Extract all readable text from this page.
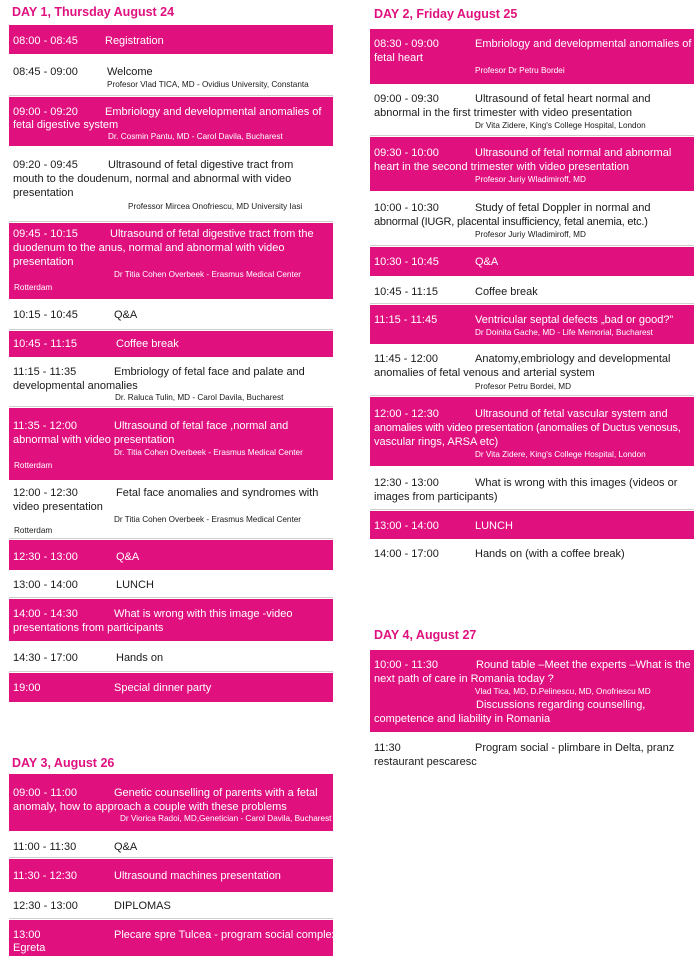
DAY 1, Thursday August 24
08:00 - 08:45 Registration
08:45 - 09:00	Welcome
Profesor Vlad TICA, MD - Ovidius University, Constanta
09:00 - 09:20 Embriology and developmental anomalies of
fetal digestive system
Dr. Cosmin Pantu, MD - Carol Davila, Bucharest
09:20 - 09:45	Ultrasound of fetal digestive tract from
mouth to the doudenum, normal and abnormal with video
presentation
Professor Mircea Onofriescu, MD University Iasi
09:45 - 10:15	Ultrasound of fetal digestive tract from the
duodenum to the anus, normal and abnormal with video
presentation
Dr Titia Cohen Overbeek - Erasmus Medical Center
Rotterdam
10:15 - 10:45	Q&A
10:45 - 11:15	Coffee break
11:15 - 11:35	Embriology of fetal face and palate and
developmental anomalies
Dr. Raluca Tulin, MD - Carol Davila, Bucharest
11:35 - 12:00	Ultrasound of fetal face ,normal and
abnormal with video presentation
Dr. Titia Cohen Overbeek - Erasmus Medical Center
Rotterdam
12:00 - 12:30	Fetal face anomalies and syndromes with
video presentation
Dr Titia Cohen Overbeek - Erasmus Medical Center
Rotterdam
12:30 - 13:00	Q&A
13:00 - 14:00	LUNCH
14:00 - 14:30	What is wrong with this image -video
presentations from participants
14:30 - 17:00	Hands on
19:00	Special dinner party
DAY 3, August 26
09:00 - 11:00	Genetic counselling of parents with a fetal
anomaly, how to approach a couple with these problems
Dr Viorica Radoi, MD,Genetician - Carol Davila, Bucharest
11:00 - 11:30	Q&A
11:30 - 12:30	Ultrasound machines presentation
12:30 - 13:00	DIPLOMAS
13:00	Plecare spre Tulcea - program social complex
Egreta
DAY 2, Friday August 25
08:30 - 09:00	Embriology and developmental anomalies of
fetal heart
Profesor Dr Petru Bordei
09:00 - 09:30	Ultrasound of fetal heart normal and
abnormal in the first trimester with video presentation
Dr Vita Zidere, King's College Hospital, London
09:30 - 10:00	Ultrasound of fetal normal and abnormal
heart in the second trimester with video presentation
Profesor Juriy Wladimiroff, MD
10:00 - 10:30	Study of fetal Doppler in normal and
abnormal (IUGR, placental insufficiency, fetal anemia, etc.)
Profesor Juriy Wladimiroff, MD
10:30 - 10:45	Q&A
10:45 - 11:15	Coffee break
11:15 - 11:45	Ventricular septal defects „bad or good?”
Dr Doinita Gache, MD - Life Memorial, Bucharest
11:45 - 12:00	Anatomy,embriology and developmental
anomalies of fetal venous and arterial system
Profesor Petru Bordei, MD
12:00 - 12:30	Ultrasound of fetal vascular system and
anomalies with video presentation (anomalies of Ductus venosus,
vascular rings, ARSA etc)
Dr Vita Zidere, King's College Hospital, London
12:30 - 13:00	What is wrong with this images (videos or
images from participants)
13:00 - 14:00	LUNCH
14:00 - 17:00	Hands on (with a coffee break)
DAY 4, August 27
10:00 - 11:30	Round table –Meet the experts –What is the
next path of care in Romania today ?
Vlad Tica, MD, D.Pelinescu, MD, Onofriescu MD
Discussions regarding counselling,
competence and liability in Romania
11:30	Program social - plimbare in Delta, pranz
restaurant pescaresc
